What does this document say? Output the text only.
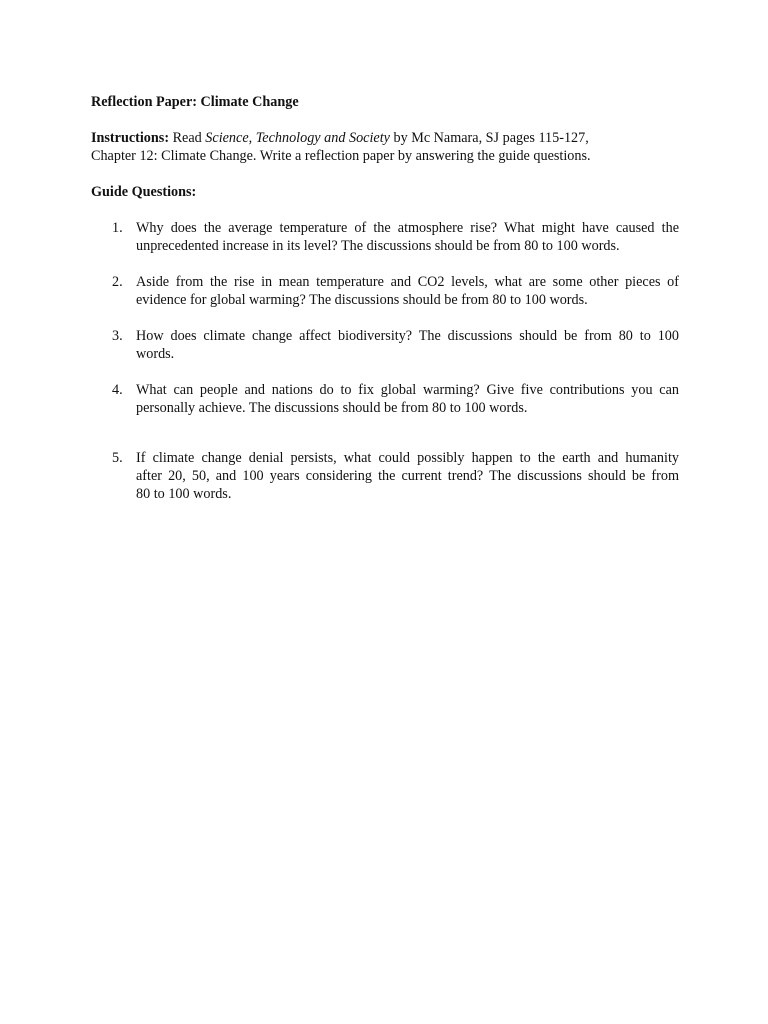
Reflection Paper: Climate Change

Instructions: Read Science, Technology and Society by Mc Namara, SJ pages 115-127,
Chapter 12: Climate Change. Write a reflection paper by answering the guide questions.

Guide Questions:

1. Why does the average temperature of the atmosphere rise? What might have caused the
unprecedented increase in its level? The discussions should be from 80 to 100 words.
2. Aside from the rise in mean temperature and CO2 levels, what are some other pieces of
evidence for global warming? The discussions should be from 80 to 100 words.
3. How does climate change affect biodiversity? The discussions should be from 80 to 100
words.
4. What can people and nations do to fix global warming? Give five contributions you can
personally achieve. The discussions should be from 80 to 100 words.
5. If climate change denial persists, what could possibly happen to the earth and humanity
after 20, 50, and 100 years considering the current trend? The discussions should be from
80 to 100 words.
